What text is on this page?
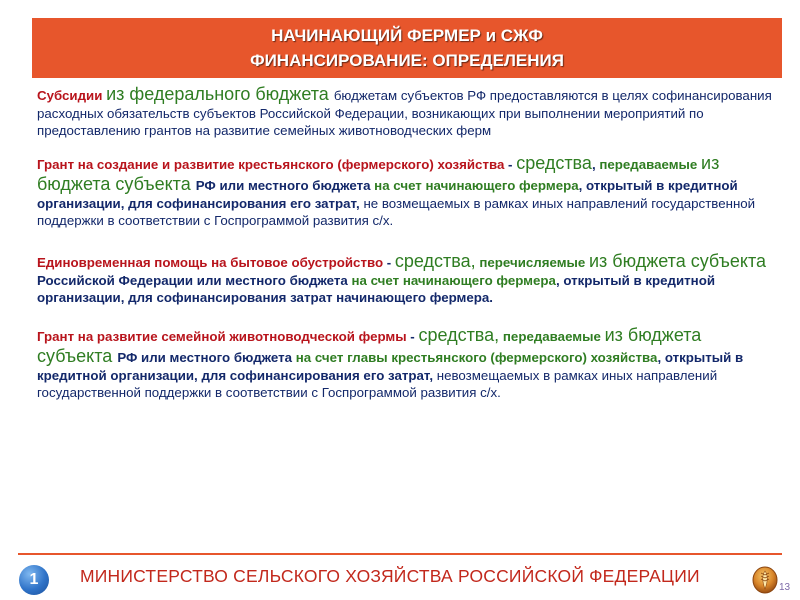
НАЧИНАЮЩИЙ ФЕРМЕР и СЖФ
ФИНАНСИРОВАНИЕ: ОПРЕДЕЛЕНИЯ

Субсидии из федерального бюджета бюджетам субъектов РФ предоставляются в целях софинансирования расходных обязательств субъектов Российской Федерации, возникающих при выполнении мероприятий по предоставлению грантов на развитие семейных животноводческих ферм

Грант на создание и развитие крестьянского (фермерского) хозяйства - средства, передаваемые из бюджета субъекта РФ или местного бюджета на счет начинающего фермера, открытый в кредитной организации, для софинансирования его затрат, не возмещаемых в рамках иных направлений государственной поддержки в соответствии с Госпрограммой развития с/х.

Единовременная помощь на бытовое обустройство - средства, перечисляемые из бюджета субъекта Российской Федерации или местного бюджета на счет начинающего фермера, открытый в кредитной организации, для софинансирования затрат начинающего фермера.

Грант на развитие семейной животноводческой фермы - средства, передаваемые из бюджета субъекта РФ или местного бюджета на счет главы крестьянского (фермерского) хозяйства, открытый в кредитной организации, для софинансирования его затрат, невозмещаемых в рамках иных направлений государственной поддержки в соответствии с Госпрограммой развития с/х.

1	МИНИСТЕРСТВО СЕЛЬСКОГО ХОЗЯЙСТВА РОССИЙСКОЙ ФЕДЕРАЦИИ
13
